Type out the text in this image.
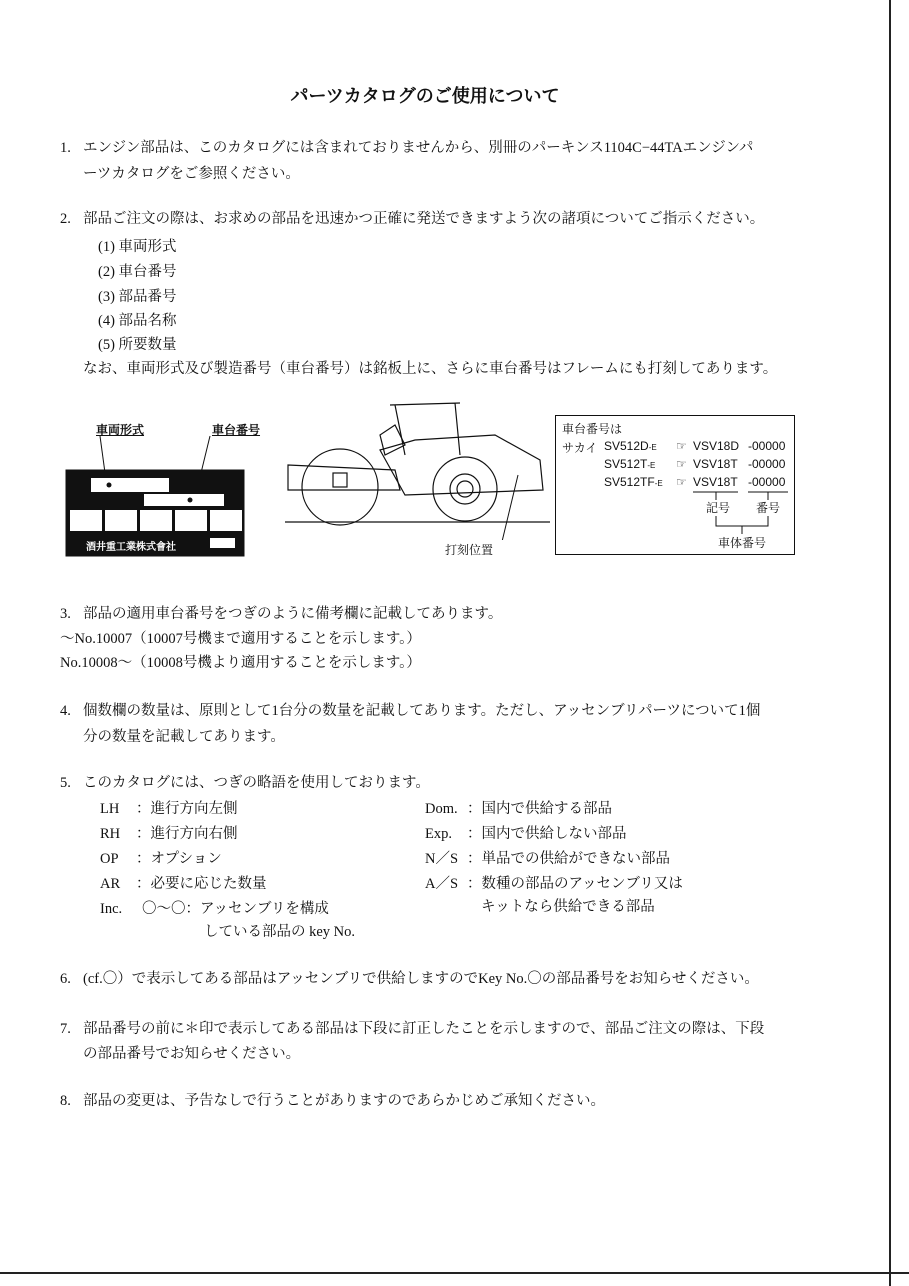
パーツカタログのご使用について
1. エンジン部品は、このカタログには含まれておりませんから、別冊のパーキンス1104C−44TAエンジンパ
ーツカタログをご参照ください。
2. 部品ご注文の際は、お求めの部品を迅速かつ正確に発送できますよう次の諸項についてご指示ください。
(1) 車両形式
(2) 車台番号
(3) 部品番号
(4) 部品名称
(5) 所要数量
なお、車両形式及び製造番号（車台番号）は銘板上に、さらに車台番号はフレームにも打刻してあります。
車両形式	車台番号
酒井重工業株式會社	打刻位置
車台番号は
サカイ SV512D-E
SV512T-E
SV512TF-E
☞
☞
☞
VSV18D
VSV18T
VSV18T
-00000
-00000
-00000
記号 番号
車体番号
3. 部品の適用車台番号をつぎのように備考欄に記載してあります。
〜No.10007（10007号機まで適用することを示します。）
No.10008〜（10008号機より適用することを示します。）
4. 個数欄の数量は、原則として1台分の数量を記載してあります。ただし、アッセンブリパーツについて1個
分の数量を記載してあります。
5. このカタログには、つぎの略語を使用しております。
LH ：進行方向左側
RH ：進行方向右側
OP ：オプション
AR ：必要に応じた数量
Inc. 〇〜〇：アッセンブリを構成
している部品の key No.
Dom. ：国内で供給する部品
Exp. ：国内で供給しない部品
N／S ：単品での供給ができない部品
A／S ：数種の部品のアッセンブリ又は
キットなら供給できる部品
6. (cf.〇）で表示してある部品はアッセンブリで供給しますのでKey No.〇の部品番号をお知らせください。
7. 部品番号の前に＊印で表示してある部品は下段に訂正したことを示しますので、部品ご注文の際は、下段
の部品番号でお知らせください。
8. 部品の変更は、予告なしで行うことがありますのであらかじめご承知ください。
